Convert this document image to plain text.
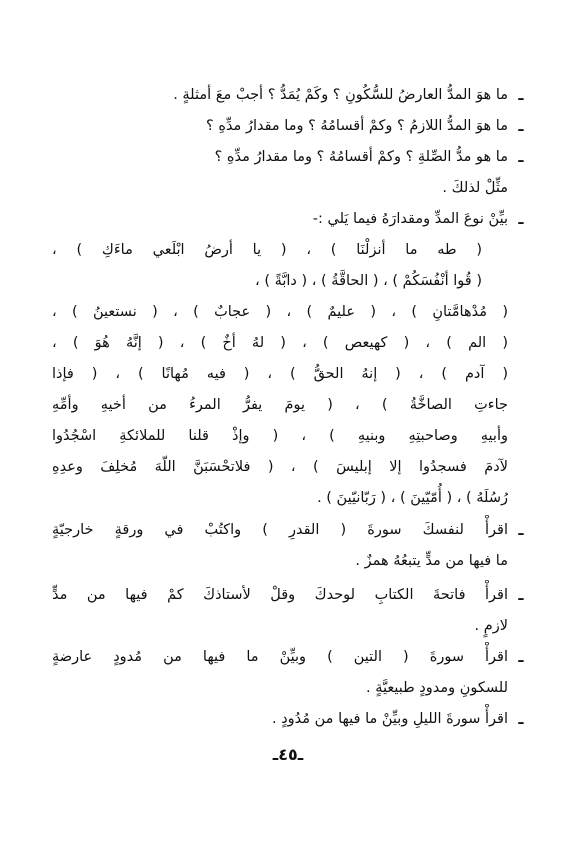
ـ
ما هوَ المدُّ العارضُ للسُّكُونِ ؟ وكَمْ يُمَدُّ ؟ أجبْ معَ أمثلةٍ .
ـ
ما هوَ المدُّ اللازمُ ؟ وكمْ أقسامُهُ ؟ وما مقدارُ مدِّهِ ؟
ـ
ما هو مدُّ الصِّلةِ ؟ وكمْ أقسامُهُ ؟ وما مقدارُ مدِّهِ ؟
مثِّلْ لذلكَ .
ـ
بيِّنْ نوعَ المدِّ ومقدارَهُ فيما يَلي :-
( طه ما أنزلْنَا ) ، ( يا أرضُ ابْلَعي ماءَكِ ) ،
( قُوا أنْفُسَكُمْ ) ، ( الحاقَّةُ ) ، ( دابَّةً ) ،
( مُدْهامَّتانِ ) ، ( عليمٌ ) ، ( عجابٌ ) ، ( نستعينُ ) ،
( الم ) ، ( كهيعص ) ، ( لهُ أخٌ ) ، ( إنَّهُ هُوَ ) ،
( آدم ) ، ( إنهُ الحقُّ ) ، ( فيه مُهانًا ) ، ( فإذا
جاءتِ الصاخَّةُ ) ، ( يومَ يفرُّ المرءُ من أخيهِ وأمِّهِ
وأبيهِ وصاحبتِهِ وبنيهِ ) ، ( وإذْ قلنا للملائكةِ اسْجُدُوا
لآدمَ فسجدُوا إلا إبليسَ ) ، ( فلاتحْسَبَنَّ اللّهَ مُخلِفَ وعدِهِ
رُسُلَهُ ) ، ( أُمّيّينَ ) ، ( رَبّانيّينَ ) .
ـ
اقرأْ لنفسكَ سورةَ ( القدرِ ) واكتُبْ في ورقةٍ خارجيّةٍ
ما فيها من مدٍّ يتبعُهُ همزٌ .
ـ
اقرأْ فاتحةَ الكتابِ لوحدكَ وقلْ لأستاذكَ كمْ فيها من مدٍّ
لازمٍ .
ـ
اقرأْ سورةَ ( التين ) وبيِّنْ ما فيها من مُدودٍ عارضةٍ
للسكونِ ومدودٍ طبيعيَّةٍ .
ـ
اقرأْ سورةَ الليلِ وبيِّنْ ما فيها من مُدُودٍ .
ـ٤٥ـ
